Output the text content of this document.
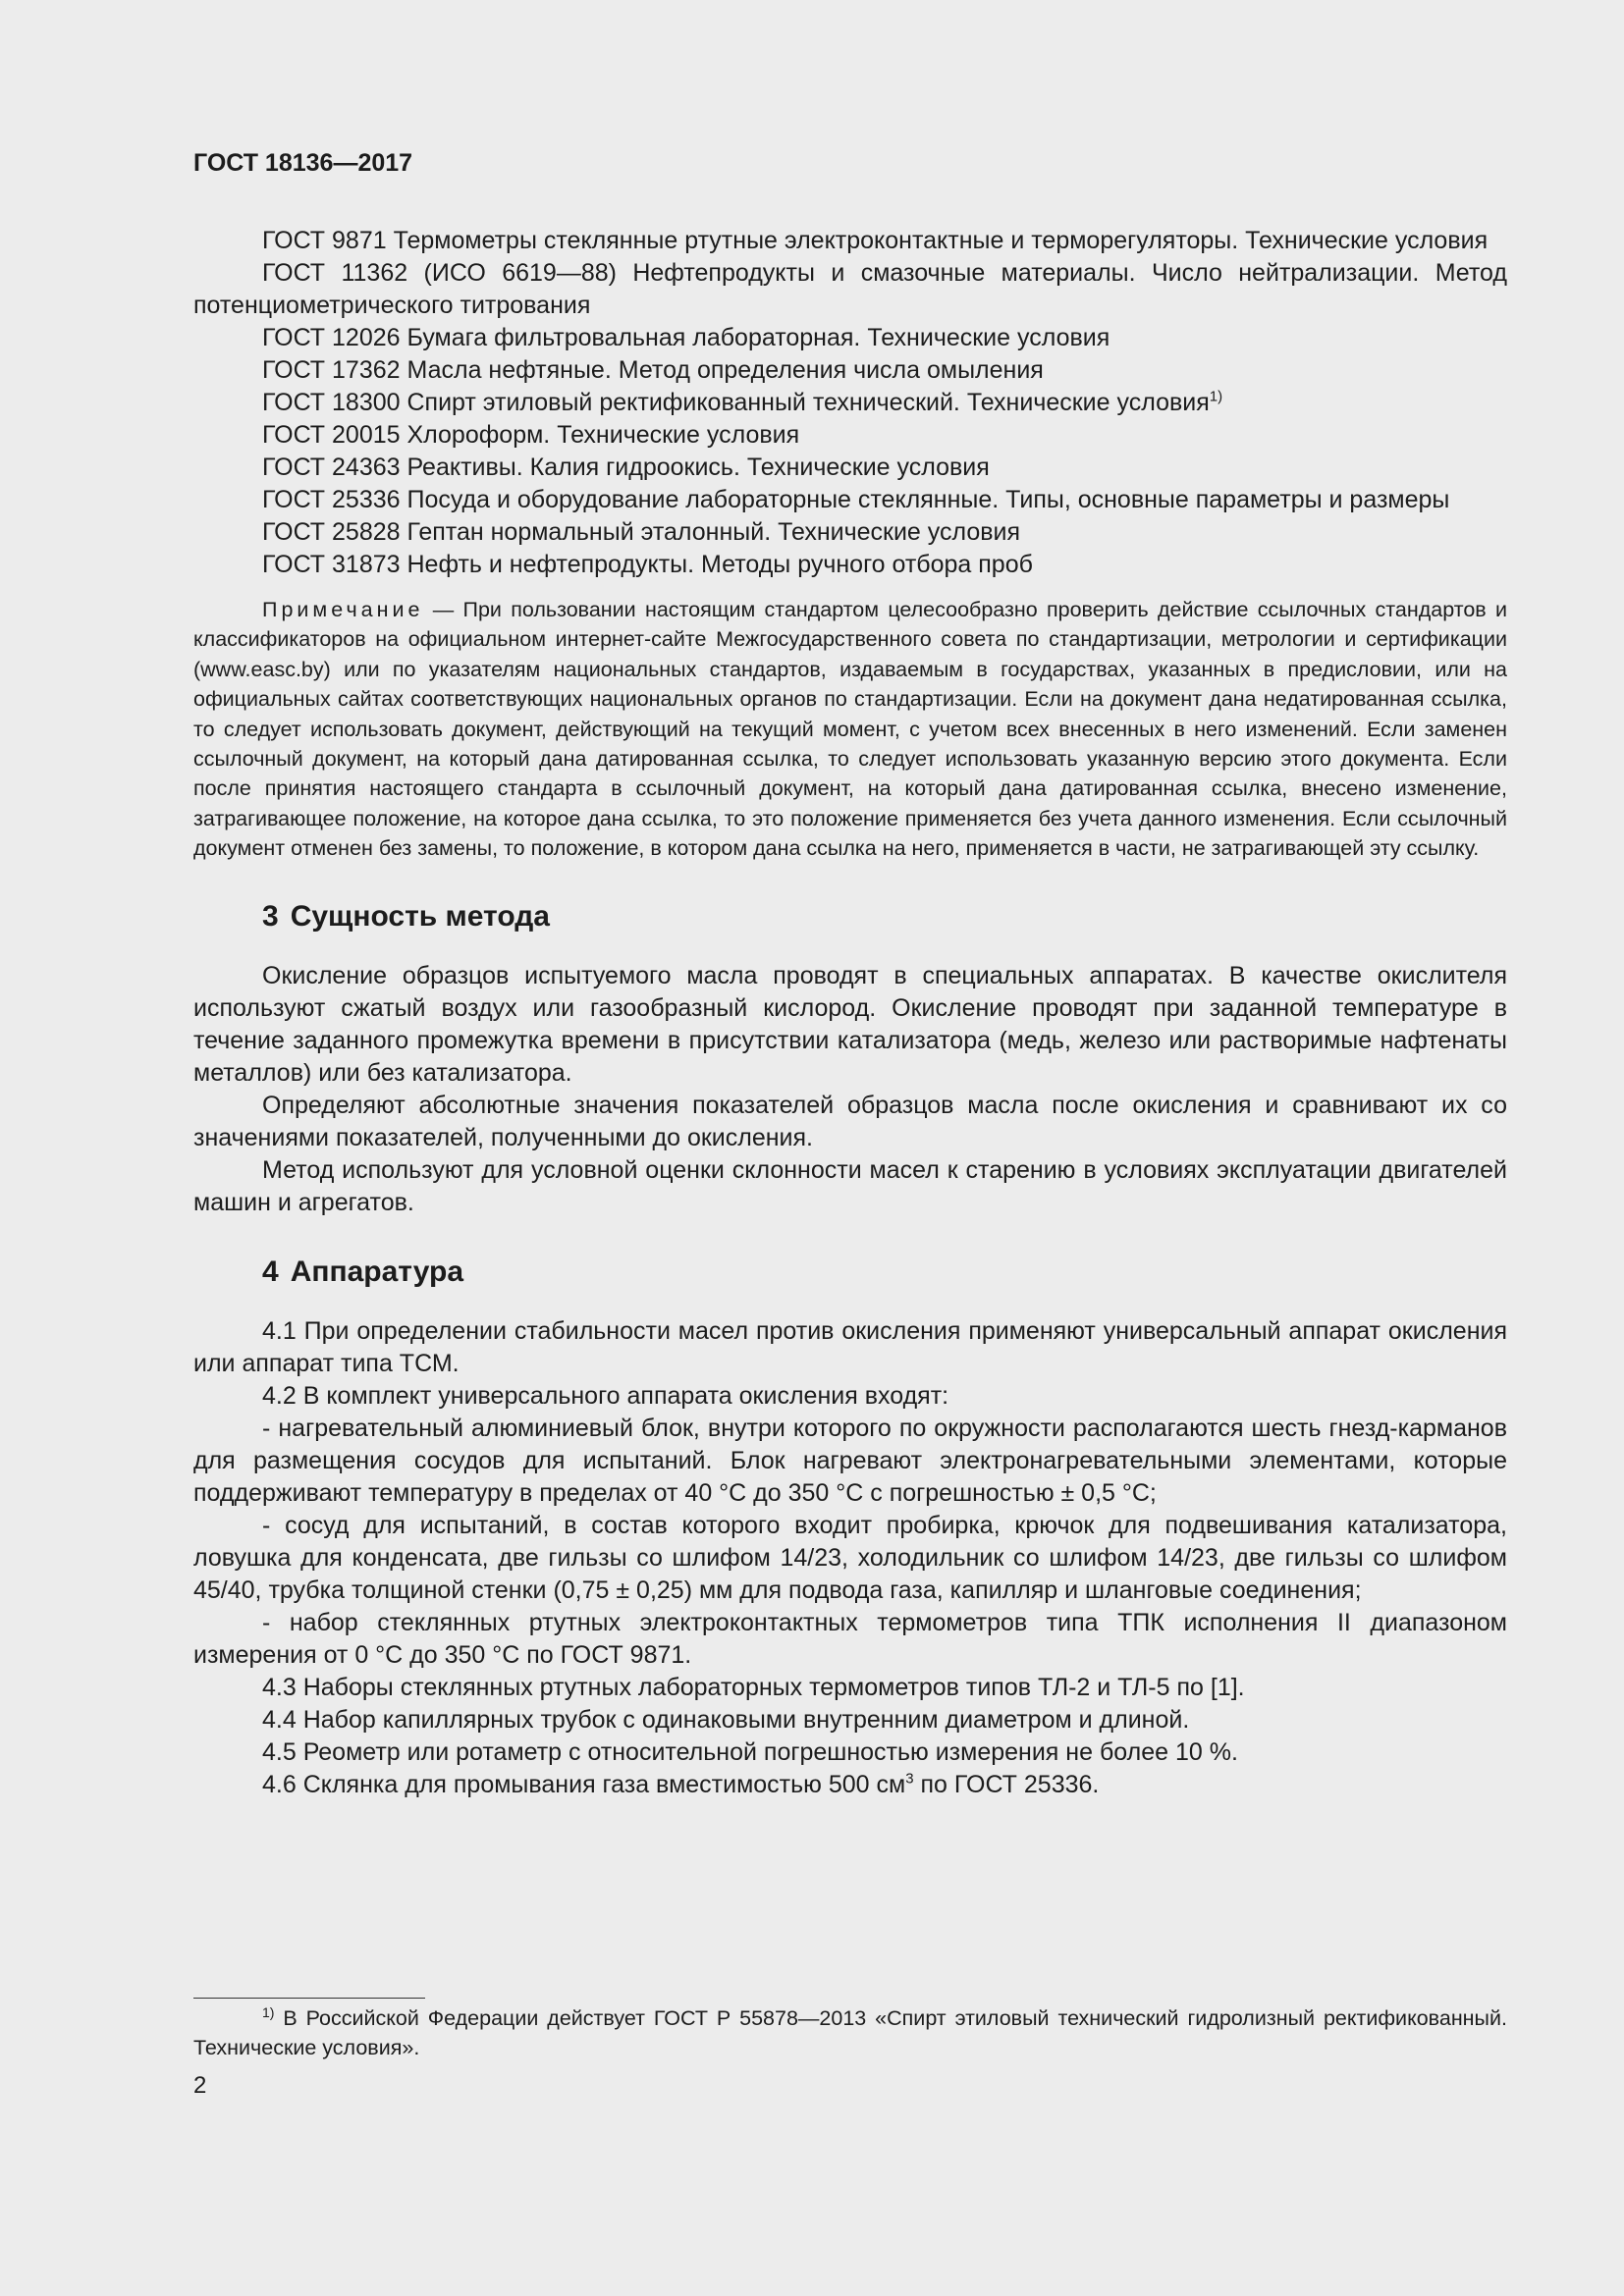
ГОСТ 18136—2017
ГОСТ 9871 Термометры стеклянные ртутные электроконтактные и терморегуляторы. Технические условия
ГОСТ 11362 (ИСО 6619—88) Нефтепродукты и смазочные материалы. Число нейтрализации. Метод потенциометрического титрования
ГОСТ 12026 Бумага фильтровальная лабораторная. Технические условия
ГОСТ 17362 Масла нефтяные. Метод определения числа омыления
ГОСТ 18300 Спирт этиловый ректификованный технический. Технические условия$^{1)}$
ГОСТ 20015 Хлороформ. Технические условия
ГОСТ 24363 Реактивы. Калия гидроокись. Технические условия
ГОСТ 25336 Посуда и оборудование лабораторные стеклянные. Типы, основные параметры и размеры
ГОСТ 25828 Гептан нормальный эталонный. Технические условия
ГОСТ 31873 Нефть и нефтепродукты. Методы ручного отбора проб
Примечание — При пользовании настоящим стандартом целесообразно проверить действие ссылочных стандартов и классификаторов на официальном интернет-сайте Межгосударственного совета по стандартизации, метрологии и сертификации (www.easc.by) или по указателям национальных стандартов, издаваемым в государствах, указанных в предисловии, или на официальных сайтах соответствующих национальных органов по стандартизации. Если на документ дана недатированная ссылка, то следует использовать документ, действующий на текущий момент, с учетом всех внесенных в него изменений. Если заменен ссылочный документ, на который дана датированная ссылка, то следует использовать указанную версию этого документа. Если после принятия настоящего стандарта в ссылочный документ, на который дана датированная ссылка, внесено изменение, затрагивающее положение, на которое дана ссылка, то это положение применяется без учета данного изменения. Если ссылочный документ отменен без замены, то положение, в котором дана ссылка на него, применяется в части, не затрагивающей эту ссылку.
3 Сущность метода
Окисление образцов испытуемого масла проводят в специальных аппаратах. В качестве окислителя используют сжатый воздух или газообразный кислород. Окисление проводят при заданной температуре в течение заданного промежутка времени в присутствии катализатора (медь, железо или растворимые нафтенаты металлов) или без катализатора.
Определяют абсолютные значения показателей образцов масла после окисления и сравнивают их со значениями показателей, полученными до окисления.
Метод используют для условной оценки склонности масел к старению в условиях эксплуатации двигателей машин и агрегатов.
4 Аппаратура
4.1 При определении стабильности масел против окисления применяют универсальный аппарат окисления или аппарат типа ТСМ.
4.2 В комплект универсального аппарата окисления входят:
- нагревательный алюминиевый блок, внутри которого по окружности располагаются шесть гнезд-карманов для размещения сосудов для испытаний. Блок нагревают электронагревательными элементами, которые поддерживают температуру в пределах от 40 °С до 350 °С с погрешностью ± 0,5 °С;
- сосуд для испытаний, в состав которого входит пробирка, крючок для подвешивания катализатора, ловушка для конденсата, две гильзы со шлифом 14/23, холодильник со шлифом 14/23, две гильзы со шлифом 45/40, трубка толщиной стенки (0,75 ± 0,25) мм для подвода газа, капилляр и шланговые соединения;
- набор стеклянных ртутных электроконтактных термометров типа ТПК исполнения II диапазоном измерения от 0 °С до 350 °С по ГОСТ 9871.
4.3 Наборы стеклянных ртутных лабораторных термометров типов ТЛ-2 и ТЛ-5 по [1].
4.4 Набор капиллярных трубок с одинаковыми внутренним диаметром и длиной.
4.5 Реометр или ротаметр с относительной погрешностью измерения не более 10 %.
4.6 Склянка для промывания газа вместимостью 500 $см^3$ по ГОСТ 25336.
$^{1)}$ В Российской Федерации действует ГОСТ Р 55878—2013 «Спирт этиловый технический гидролизный ректификованный. Технические условия».
2
